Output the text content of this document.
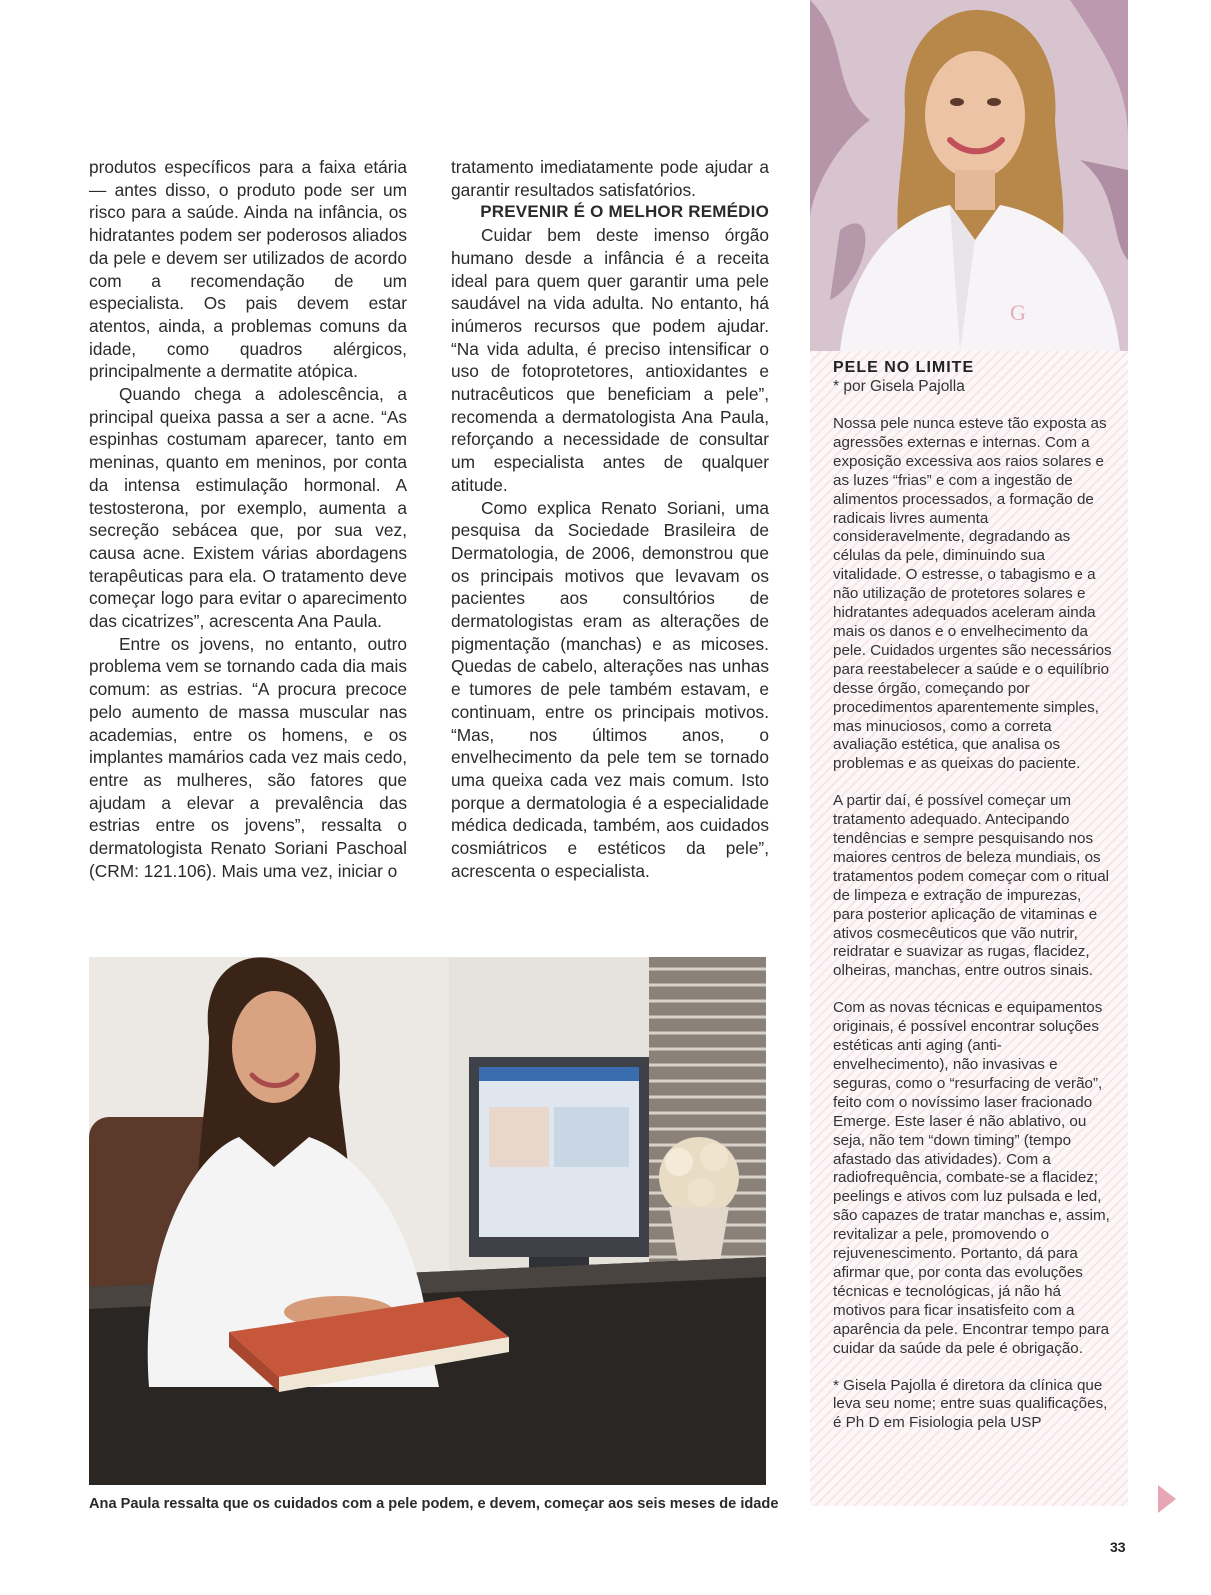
produtos específicos para a faixa etária — antes disso, o produto pode ser um risco para a saúde. Ainda na infância, os hidratantes podem ser poderosos aliados da pele e devem ser utilizados de acordo com a recomendação de um especialista. Os pais devem estar atentos, ainda, a problemas comuns da idade, como quadros alérgicos, principalmente a dermatite atópica.

Quando chega a adolescência, a principal queixa passa a ser a acne. “As espinhas costumam aparecer, tanto em meninas, quanto em meninos, por conta da intensa estimulação hormonal. A testosterona, por exemplo, aumenta a secreção sebácea que, por sua vez, causa acne. Existem várias abordagens terapêuticas para ela. O tratamento deve começar logo para evitar o aparecimento das cicatrizes”, acrescenta Ana Paula.

Entre os jovens, no entanto, outro problema vem se tornando cada dia mais comum: as estrias. “A procura precoce pelo aumento de massa muscular nas academias, entre os homens, e os implantes mamários cada vez mais cedo, entre as mulheres, são fatores que ajudam a elevar a prevalência das estrias entre os jovens”, ressalta o dermatologista Renato Soriani Paschoal (CRM: 121.106). Mais uma vez, iniciar o

tratamento imediatamente pode ajudar a garantir resultados satisfatórios.

PREVENIR É O MELHOR REMÉDIO

Cuidar bem deste imenso órgão humano desde a infância é a receita ideal para quem quer garantir uma pele saudável na vida adulta. No entanto, há inúmeros recursos que podem ajudar. “Na vida adulta, é preciso intensificar o uso de fotoprotetores, antioxidantes e nutracêuticos que beneficiam a pele”, recomenda a dermatologista Ana Paula, reforçando a necessidade de consultar um especialista antes de qualquer atitude.

Como explica Renato Soriani, uma pesquisa da Sociedade Brasileira de Dermatologia, de 2006, demonstrou que os principais motivos que levavam os pacientes aos consultórios de dermatologistas eram as alterações de pigmentação (manchas) e as micoses. Quedas de cabelo, alterações nas unhas e tumores de pele também estavam, e continuam, entre os principais motivos. “Mas, nos últimos anos, o envelhecimento da pele tem se tornado uma queixa cada vez mais comum. Isto porque a dermatologia é a especialidade médica dedicada, também, aos cuidados cosmiátricos e estéticos da pele”, acrescenta o especialista.

G
PELE NO LIMITE
* por Gisela Pajolla

Nossa pele nunca esteve tão exposta as agressões externas e internas. Com a exposição excessiva aos raios solares e as luzes “frias” e com a ingestão de alimentos processados, a formação de radicais livres aumenta consideravelmente, degradando as células da pele, diminuindo sua vitalidade. O estresse, o tabagismo e a não utilização de protetores solares e hidratantes adequados aceleram ainda mais os danos e o envelhecimento da pele. Cuidados urgentes são necessários para reestabelecer a saúde e o equilíbrio desse órgão, começando por procedimentos aparentemente simples, mas minuciosos, como a correta avaliação estética, que analisa os problemas e as queixas do paciente.

A partir daí, é possível começar um tratamento adequado. Antecipando tendências e sempre pesquisando nos maiores centros de beleza mundiais, os tratamentos podem começar com o ritual de limpeza e extração de impurezas, para posterior aplicação de vitaminas e ativos cosmecêuticos que vão nutrir, reidratar e suavizar as rugas, flacidez, olheiras, manchas, entre outros sinais.

Com as novas técnicas e equipamentos originais, é possível encontrar soluções estéticas anti aging (anti-envelhecimento), não invasivas e seguras, como o “resurfacing de verão”, feito com o novíssimo laser fracionado Emerge. Este laser é não ablativo, ou seja, não tem “down timing” (tempo afastado das atividades). Com a radiofrequência, combate-se a flacidez; peelings e ativos com luz pulsada e led, são capazes de tratar manchas e, assim, revitalizar a pele, promovendo o rejuvenescimento. Portanto, dá para afirmar que, por conta das evoluções técnicas e tecnológicas, já não há motivos para ficar insatisfeito com a aparência da pele. Encontrar tempo para cuidar da saúde da pele é obrigação.

* Gisela Pajolla é diretora da clínica que leva seu nome; entre suas qualificações, é Ph D em Fisiologia pela USP

Ana Paula ressalta que os cuidados com a pele podem, e devem, começar aos seis meses de idade
33
